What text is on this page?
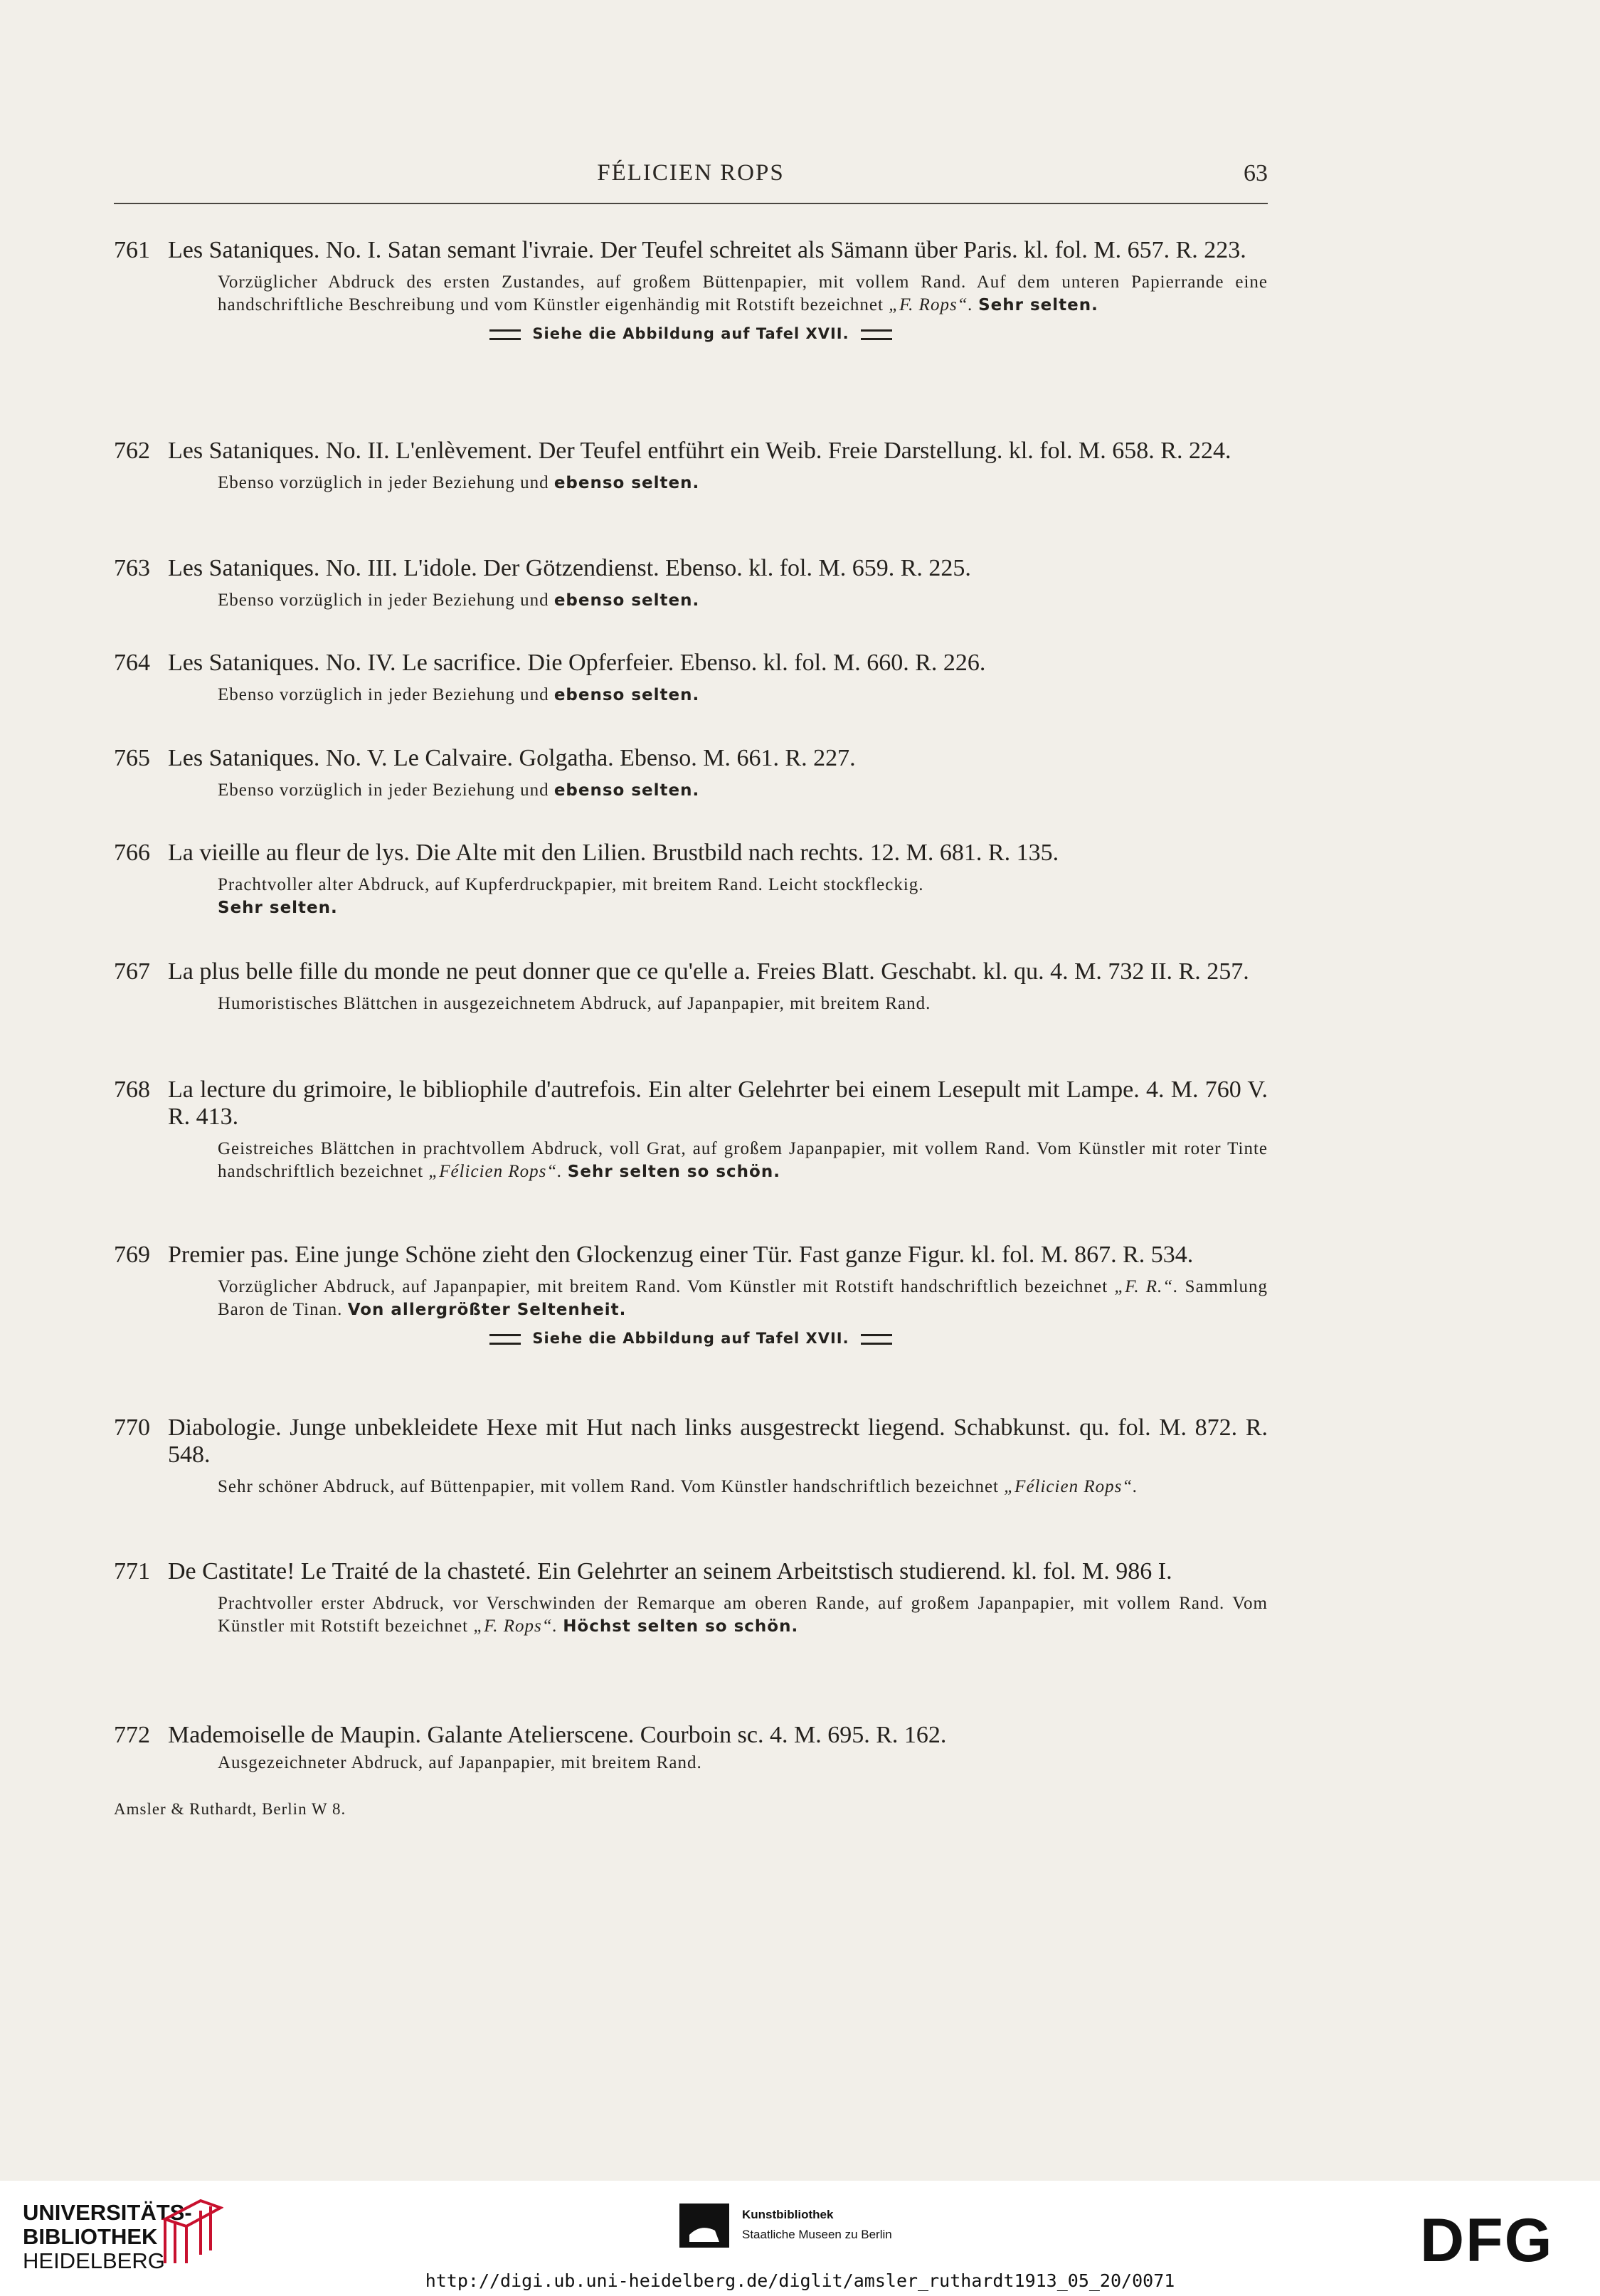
FÉLICIEN ROPS	63
761 Les Sataniques. No. I. Satan semant l'ivraie. Der Teufel schreitet als Sämann über Paris. kl. fol. M. 657. R. 223.
Vorzüglicher Abdruck des ersten Zustandes, auf großem Büttenpapier, mit vollem Rand. Auf dem unteren Papierrande eine handschriftliche Beschreibung und vom Künstler eigenhändig mit Rotstift bezeichnet „F. Rops“. Sehr selten.
Siehe die Abbildung auf Tafel XVII.
762 Les Sataniques. No. II. L'enlèvement. Der Teufel entführt ein Weib. Freie Darstellung. kl. fol. M. 658. R. 224.
Ebenso vorzüglich in jeder Beziehung und ebenso selten.
763 Les Sataniques. No. III. L'idole. Der Götzendienst. Ebenso. kl. fol. M. 659. R. 225.
Ebenso vorzüglich in jeder Beziehung und ebenso selten.
764 Les Sataniques. No. IV. Le sacrifice. Die Opferfeier. Ebenso. kl. fol. M. 660. R. 226.
Ebenso vorzüglich in jeder Beziehung und ebenso selten.
765 Les Sataniques. No. V. Le Calvaire. Golgatha. Ebenso. M. 661. R. 227.
Ebenso vorzüglich in jeder Beziehung und ebenso selten.
766 La vieille au fleur de lys. Die Alte mit den Lilien. Brustbild nach rechts. 12. M. 681. R. 135.
Prachtvoller alter Abdruck, auf Kupferdruckpapier, mit breitem Rand. Leicht stockfleckig.
Sehr selten.
767 La plus belle fille du monde ne peut donner que ce qu'elle a. Freies Blatt. Geschabt. kl. qu. 4. M. 732 II. R. 257.
Humoristisches Blättchen in ausgezeichnetem Abdruck, auf Japanpapier, mit breitem Rand.
768 La lecture du grimoire, le bibliophile d'autrefois. Ein alter Gelehrter bei einem Lesepult mit Lampe. 4. M. 760 V. R. 413.
Geistreiches Blättchen in prachtvollem Abdruck, voll Grat, auf großem Japanpapier, mit vollem Rand. Vom Künstler mit roter Tinte handschriftlich bezeichnet „Félicien Rops“. Sehr selten so schön.
769 Premier pas. Eine junge Schöne zieht den Glockenzug einer Tür. Fast ganze Figur. kl. fol. M. 867. R. 534.
Vorzüglicher Abdruck, auf Japanpapier, mit breitem Rand. Vom Künstler mit Rotstift handschriftlich bezeichnet „F. R.“. Sammlung Baron de Tinan. Von allergrößter Seltenheit.
Siehe die Abbildung auf Tafel XVII.
770 Diabologie. Junge unbekleidete Hexe mit Hut nach links ausgestreckt liegend. Schabkunst. qu. fol. M. 872. R. 548.
Sehr schöner Abdruck, auf Büttenpapier, mit vollem Rand. Vom Künstler handschriftlich bezeichnet „Félicien Rops“.
771 De Castitate! Le Traité de la chasteté. Ein Gelehrter an seinem Arbeitstisch studierend. kl. fol. M. 986 I.
Prachtvoller erster Abdruck, vor Verschwinden der Remarque am oberen Rande, auf großem Japanpapier, mit vollem Rand. Vom Künstler mit Rotstift bezeichnet „F. Rops“. Höchst selten so schön.
772 Mademoiselle de Maupin. Galante Atelierscene. Courboin sc. 4. M. 695. R. 162.
Ausgezeichneter Abdruck, auf Japanpapier, mit breitem Rand.
Amsler & Ruthardt, Berlin W 8.
UNIVERSITÄTS-
BIBLIOTHEK
HEIDELBERG
Kunstbibliothek
Staatliche Museen zu Berlin	DFG
http://digi.ub.uni-heidelberg.de/diglit/amsler_ruthardt1913_05_20/0071
